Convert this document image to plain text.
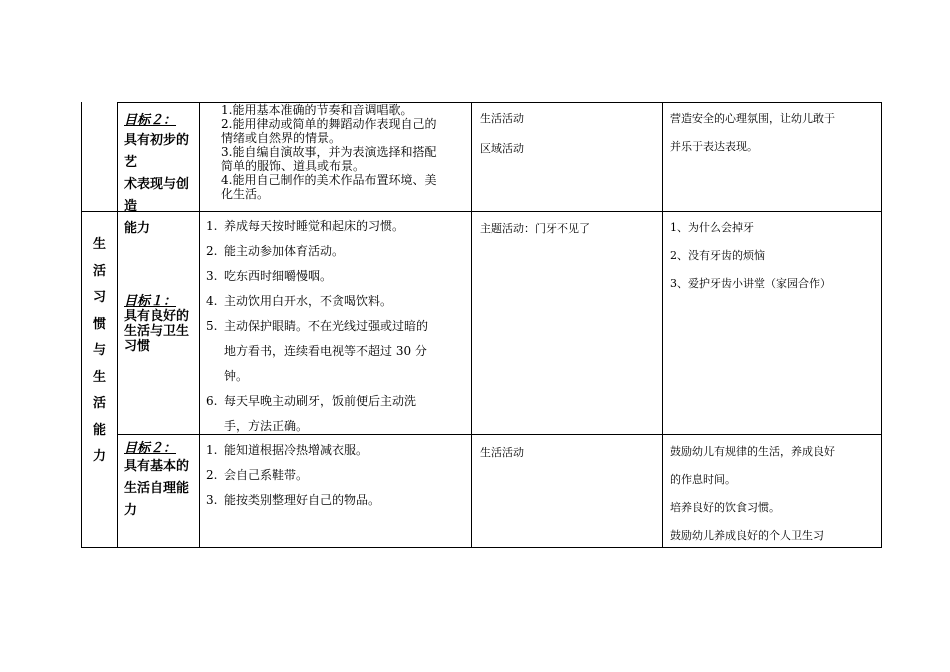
生
活
习
惯
与
生
活
能
力
目标２：
具有初步的艺
术表现与创造
能力
1.能用基本准确的节奏和音调唱歌。
2.能用律动或简单的舞蹈动作表现自己的
情绪或自然界的情景。
3.能自编自演故事，并为表演选择和搭配
简单的服饰、道具或布景。
4.能用自己制作的美术作品布置环境、美
化生活。
生活活动
区域活动
营造安全的心理氛围，让幼儿敢于
并乐于表达表现。
目标１：
具有良好的
生活与卫生
习惯
1. 养成每天按时睡觉和起床的习惯。
2. 能主动参加体育活动。
3. 吃东西时细嚼慢咽。
4. 主动饮用白开水，不贪喝饮料。
5. 主动保护眼睛。不在光线过强或过暗的
地方看书，连续看电视等不超过 30 分
钟。
6. 每天早晚主动刷牙，饭前便后主动洗
手，方法正确。
主题活动：门牙不见了	1、为什么会掉牙
2、没有牙齿的烦恼
3、爱护牙齿小讲堂（家园合作）
目标２：
具有基本的
生活自理能
力
1. 能知道根据冷热增减衣服。
2. 会自己系鞋带。
3. 能按类别整理好自己的物品。
生活活动	鼓励幼儿有规律的生活，养成良好
的作息时间。
培养良好的饮食习惯。
鼓励幼儿养成良好的个人卫生习
